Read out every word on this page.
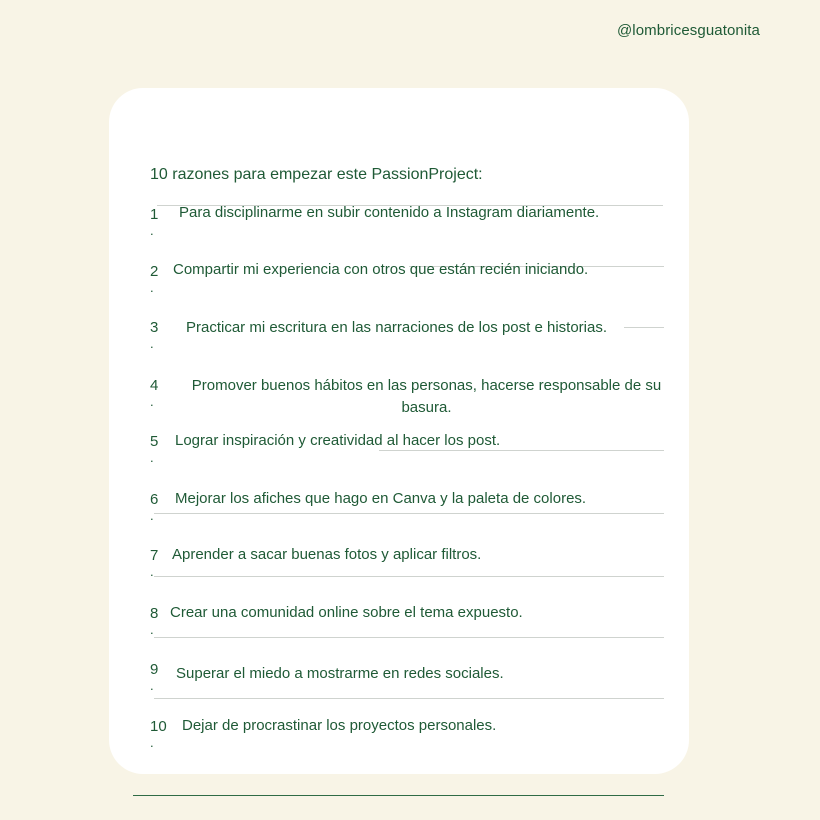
@lombricesguatonita
10 razones para empezar este PassionProject:
1
.
Para disciplinarme en subir contenido a Instagram diariamente.
2
.
Compartir mi experiencia con otros que están recién iniciando.
3
.
Practicar mi escritura en las narraciones de los post e historias.
4
.
Promover buenos hábitos en las personas, hacerse responsable de su basura.
5
.
Lograr inspiración y creatividad al hacer los post.
6
.
Mejorar los afiches que hago en Canva y la paleta de colores.
7
.
Aprender a sacar buenas fotos y aplicar filtros.
8
.
Crear una comunidad online sobre el tema expuesto.
9
.
Superar el miedo a mostrarme en redes sociales.
10
.
Dejar de procrastinar los proyectos personales.
